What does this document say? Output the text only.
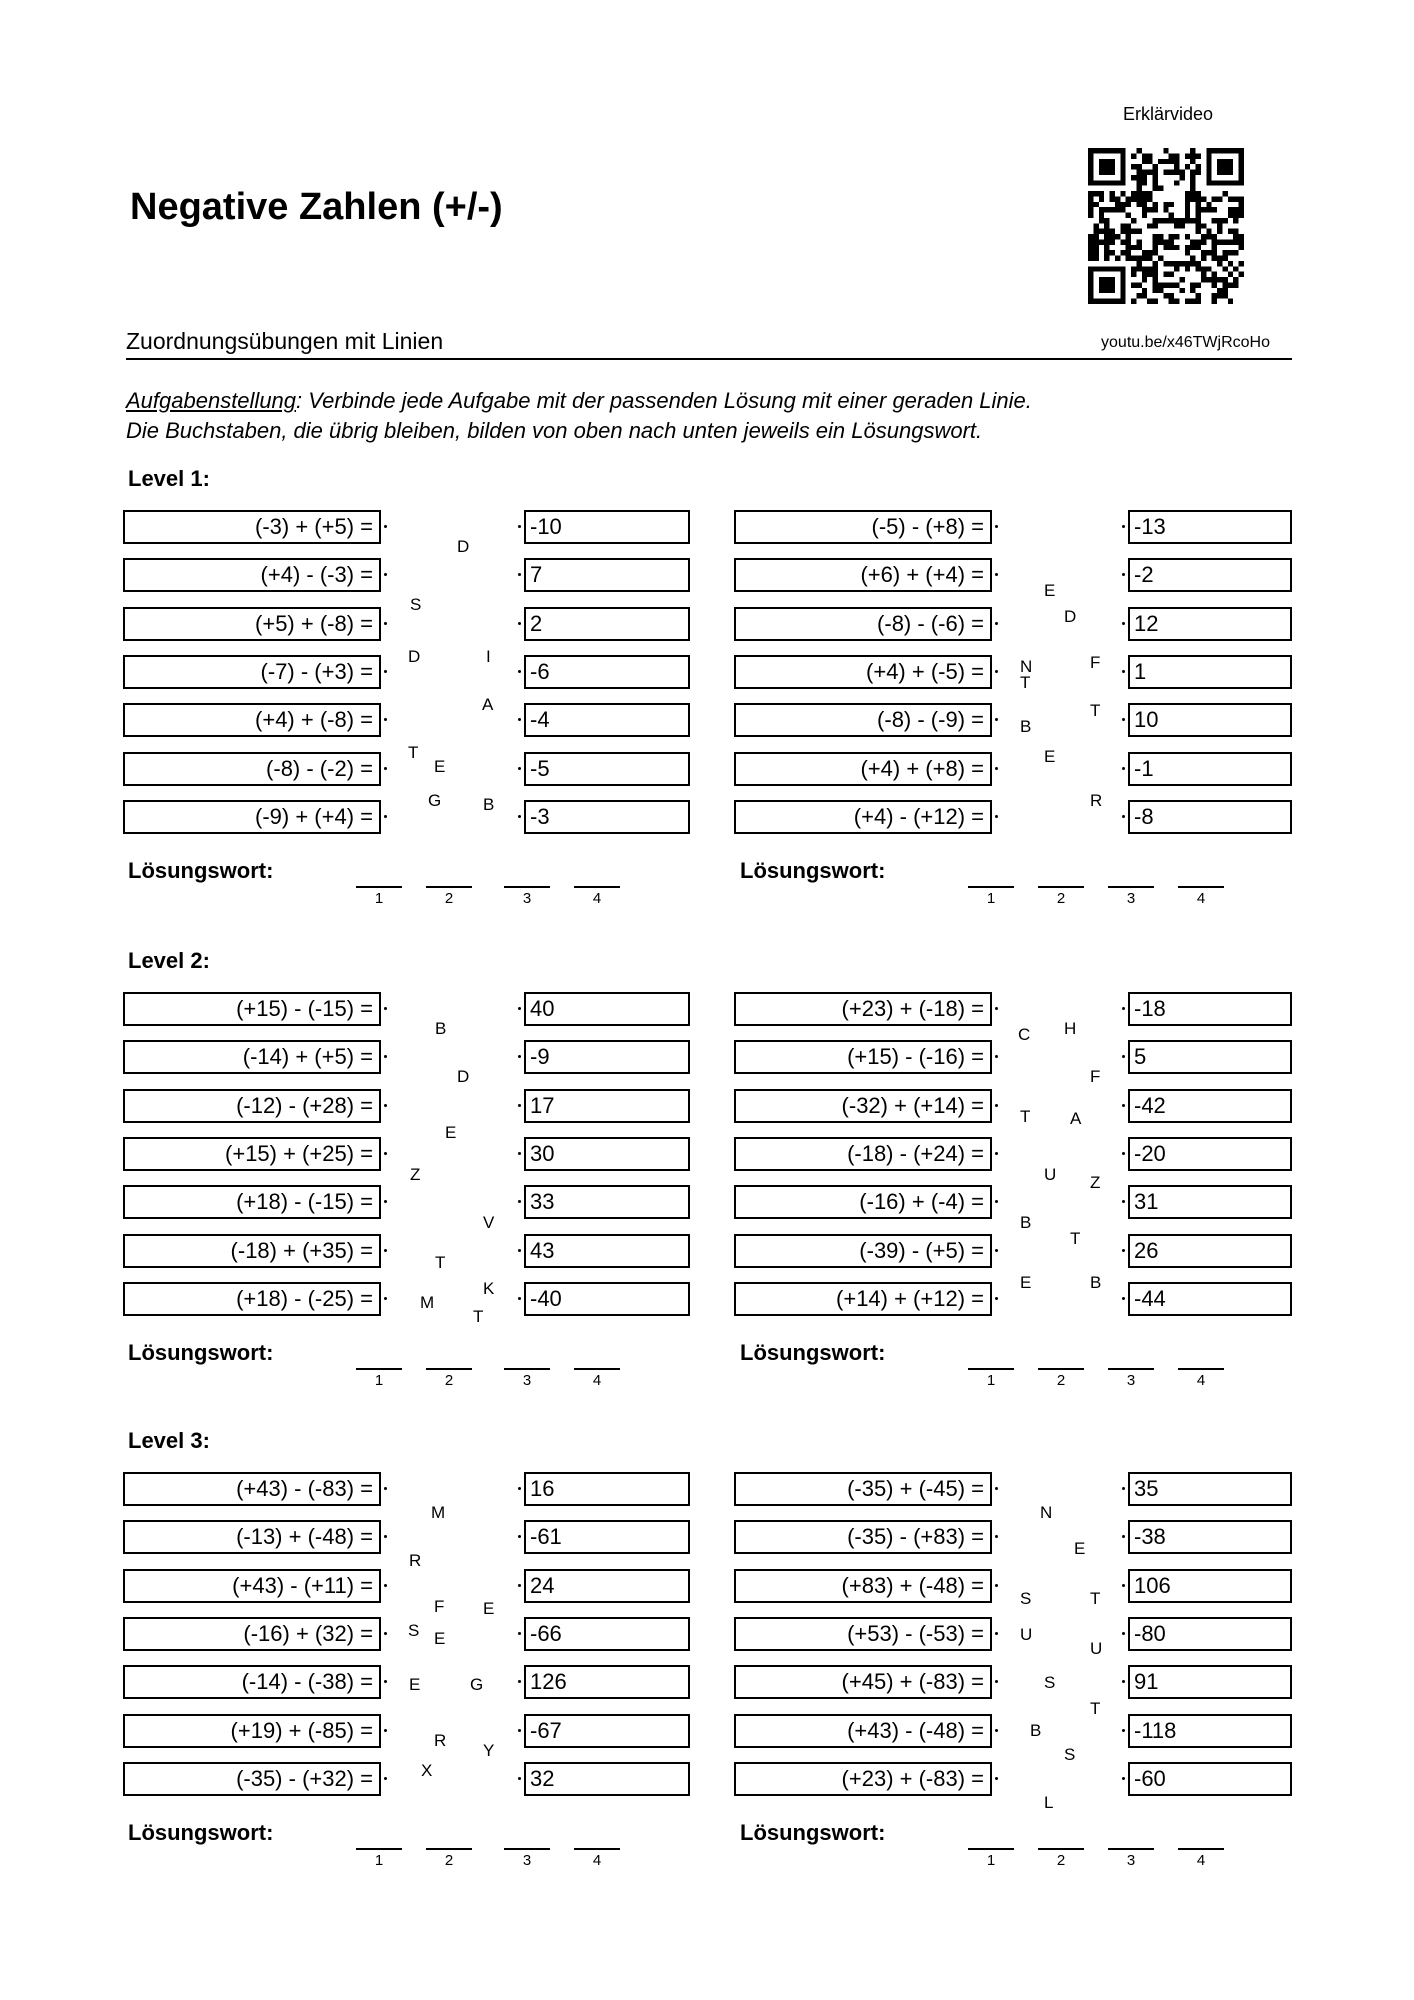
Negative Zahlen (+/-)
Erklärvideo
Zuordnungsübungen mit Linien	youtu.be/x46TWjRcoHo
Aufgabenstellung: Verbinde jede Aufgabe mit der passenden Lösung mit einer geraden Linie.
Die Buchstaben, die übrig bleiben, bilden von oben nach unten jeweils ein Lösungswort.
Level 1:
(-3) + (+5) =	-10
(+4) - (-3) =	7
(+5) + (-8) =	2
(-7) - (+3) =	-6
(+4) + (-8) =	-4
(-8) - (-2) =	-5
(-9) + (+4) =	-3
D
S
D	I
A
T
E
G B
Lösungswort:
1	2	3	4
(-5) - (+8) =	-13
(+6) + (+4) =	-2
(-8) - (-6) =	12
(+4) + (-5) =	1
(-8) - (-9) =	10
(+4) + (+8) =	-1
(+4) - (+12) =	-8
E
D
N	F
T
T
B
E
R
Lösungswort:
1	2	3	4
Level 2:
(+15) - (-15) =	40
(-14) + (+5) =	-9
(-12) - (+28) =	17
(+15) + (+25) =	30
(+18) - (-15) =	33
(-18) + (+35) =	43
(+18) - (-25) =	-40
B
D
E
Z
V
T
K
M
T
Lösungswort:
1	2	3	4
(+23) + (-18) =	-18
(+15) - (-16) =	5
(-32) + (+14) =	-42
(-18) - (+24) =	-20
(-16) + (-4) =	31
(-39) - (+5) =	26
(+14) + (+12) =	-44
C H
F
T A
U Z
B
T
E	B
Lösungswort:
1	2	3	4
Level 3:
(+43) - (-83) =	16
(-13) + (-48) =	-61
(+43) - (+11) =	24
(-16) + (32) =	-66
(-14) - (-38) =	126
(+19) + (-85) =	-67
(-35) - (+32) =	32
M
R
F E
S E
E	G
R
Y
X
Lösungswort:
1	2	3	4
(-35) + (-45) =	35
(-35) - (+83) =	-38
(+83) + (-48) =	106
(+53) - (-53) =	-80
(+45) + (-83) =	91
(+43) - (-48) =	-118
(+23) + (-83) =	-60
N
E
S	T
U
U
S
T
B
S
L
Lösungswort:
1	2	3	4
